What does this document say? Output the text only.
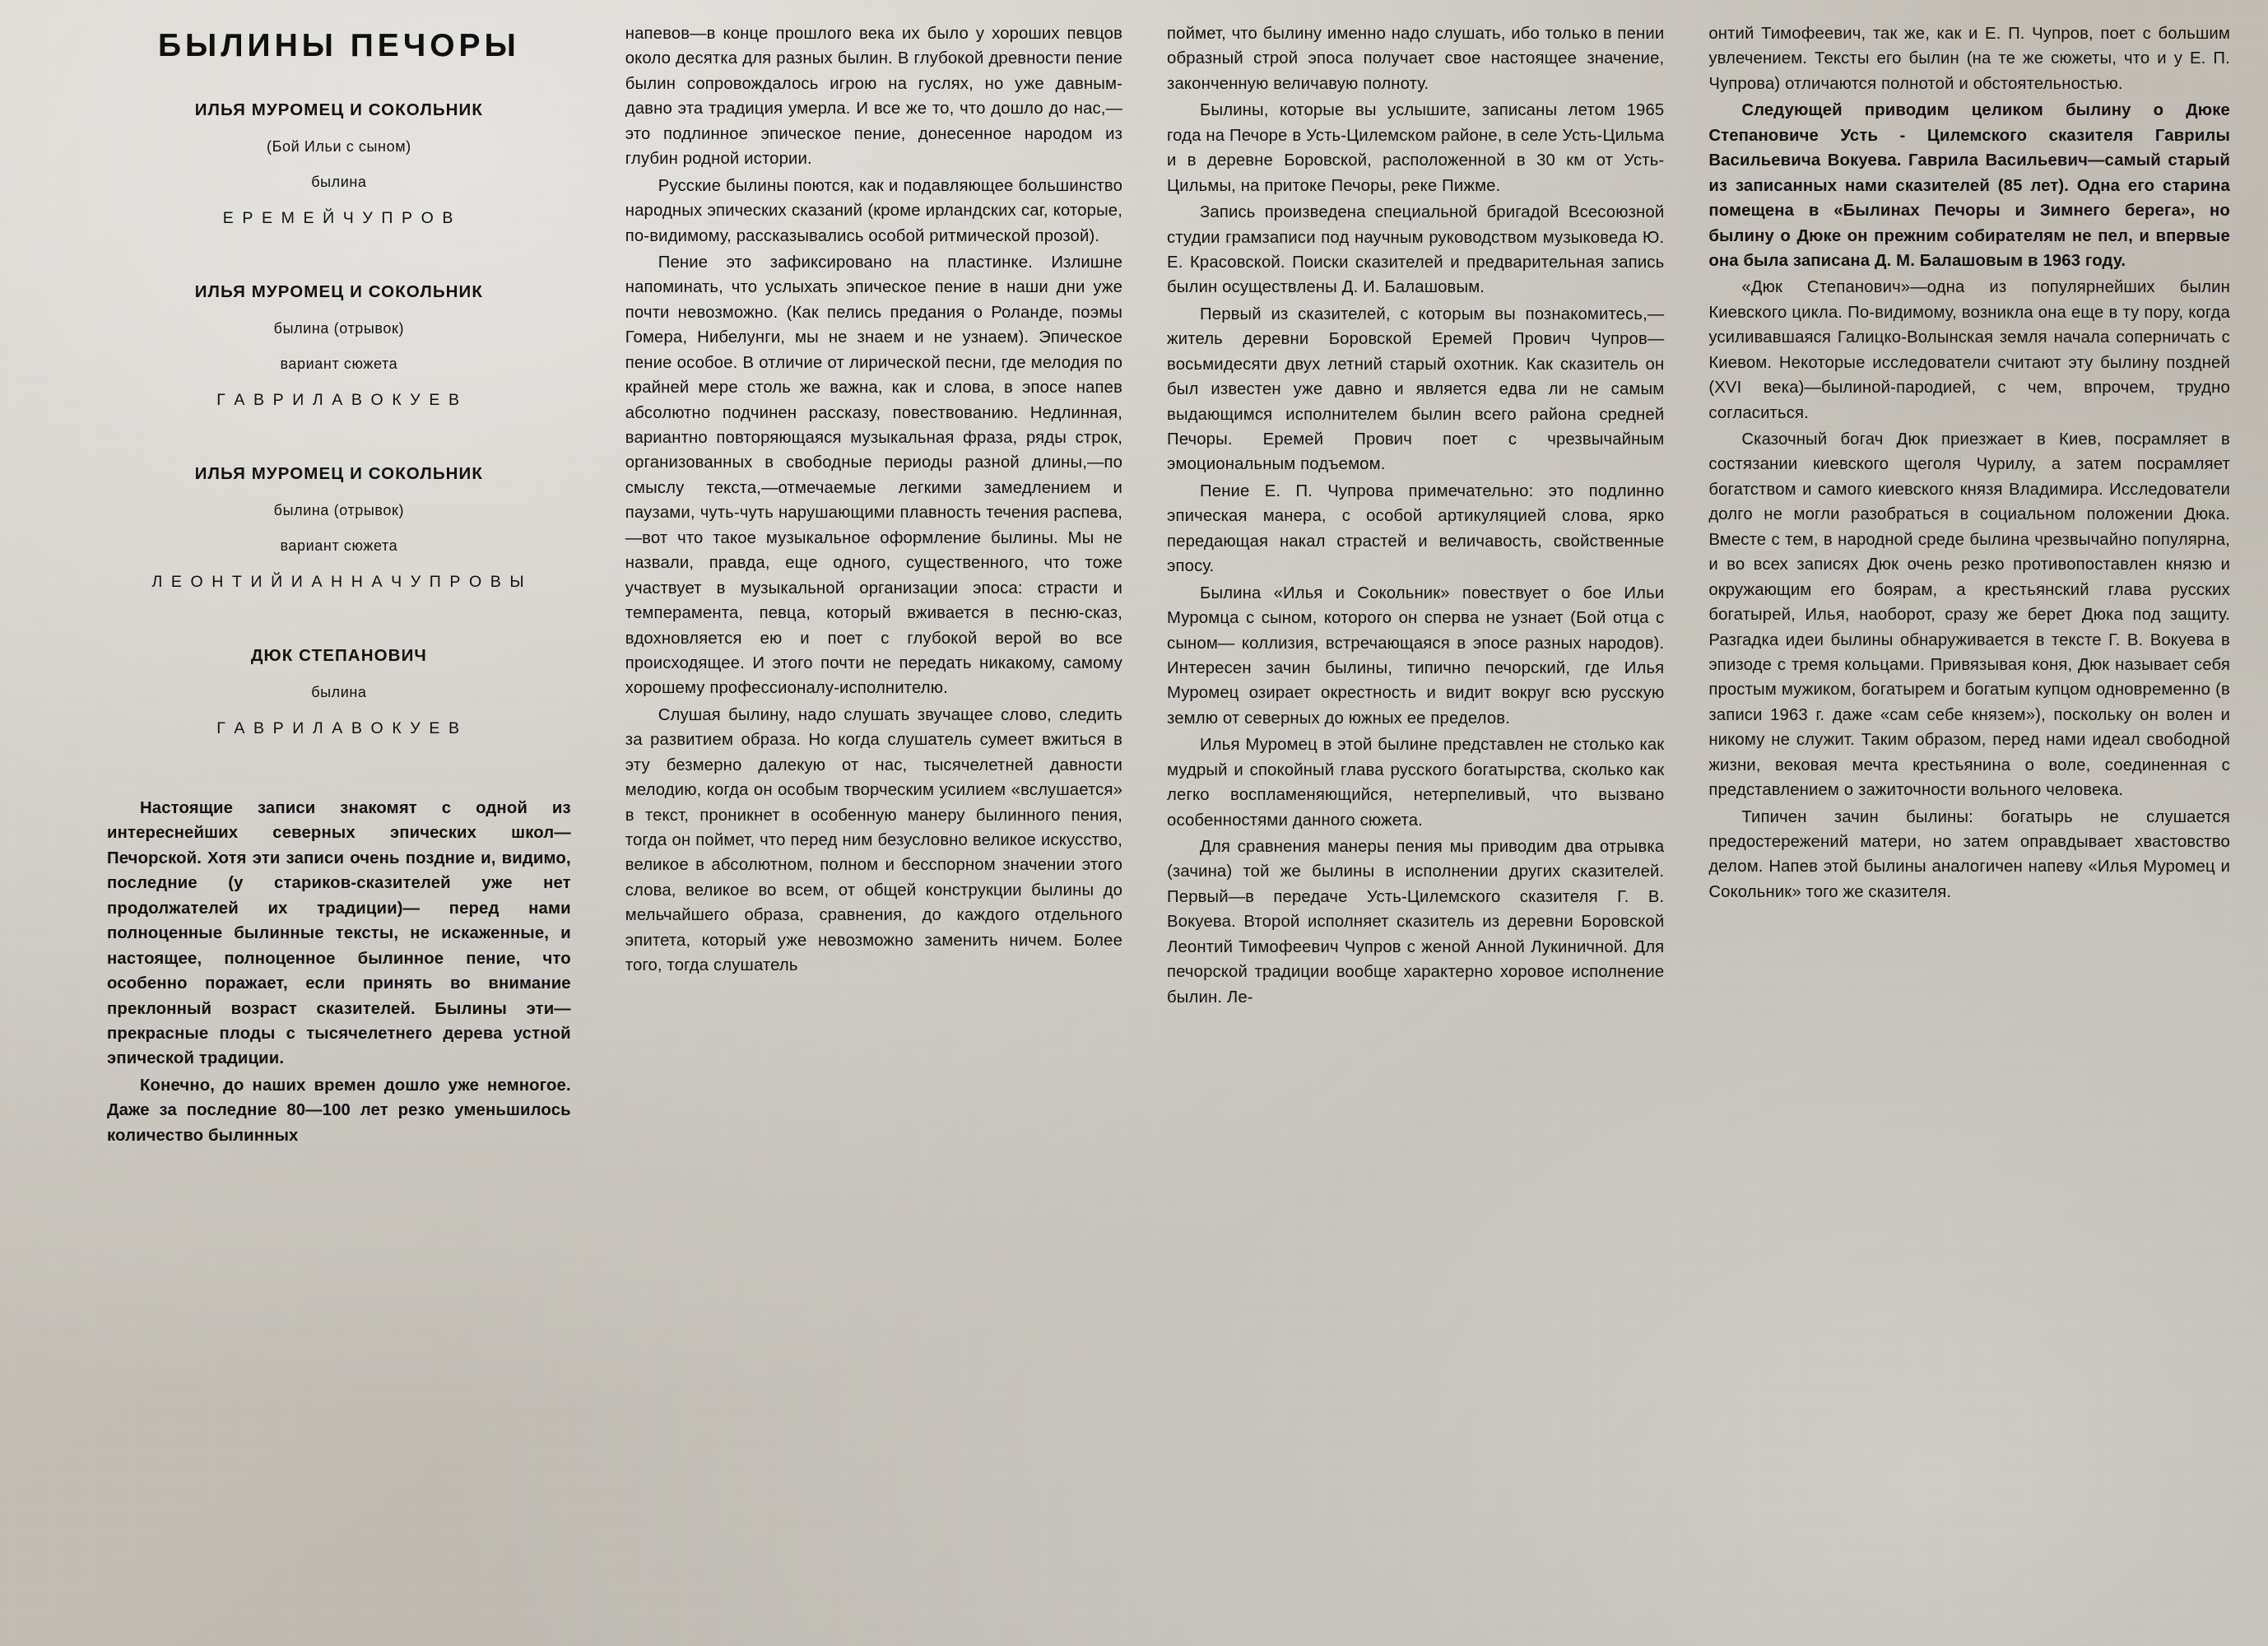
БЫЛИНЫ ПЕЧОРЫ
ИЛЬЯ МУРОМЕЦ И СОКОЛЬНИК
(Бой Ильи с сыном)
былина
Е Р Е М Е Й Ч У П Р О В
ИЛЬЯ МУРОМЕЦ И СОКОЛЬНИК
былина (отрывок)
вариант сюжета
Г А В Р И Л А В О К У Е В
ИЛЬЯ МУРОМЕЦ И СОКОЛЬНИК
былина (отрывок)
вариант сюжета
Л Е О Н Т И Й И А Н Н А Ч У П Р О В Ы
ДЮК СТЕПАНОВИЧ
былина
Г А В Р И Л А В О К У Е В

Настоящие записи знакомят с одной из интереснейших северных эпических школ—Печорской. Хотя эти записи очень поздние и, видимо, последние (у стариков-сказителей уже нет продолжателей их традиции)— перед нами полноценные былинные тексты, не искаженные, и настоящее, полноценное былинное пение, что особенно поражает, если принять во внимание преклонный возраст сказителей. Былины эти—прекрасные плоды с тысячелетнего дерева устной эпической традиции.

Конечно, до наших времен дошло уже немногое. Даже за последние 80—100 лет резко уменьшилось количество былинных

напевов—в конце прошлого века их было у хороших певцов около десятка для разных былин. В глубокой древности пение былин сопровождалось игрою на гуслях, но уже давным-давно эта традиция умерла. И все же то, что дошло до нас,—это подлинное эпическое пение, донесенное народом из глубин родной истории.

Русские былины поются, как и подавляющее большинство народных эпических сказаний (кроме ирландских саг, которые, по-видимому, рассказывались особой ритмической прозой).

Пение это зафиксировано на пластинке. Излишне напоминать, что услыхать эпическое пение в наши дни уже почти невозможно. (Как пелись предания о Роланде, поэмы Гомера, Нибелунги, мы не знаем и не узнаем). Эпическое пение особое. В отличие от лирической песни, где мелодия по крайней мере столь же важна, как и слова, в эпосе напев абсолютно подчинен рассказу, повествованию. Недлинная, вариантно повторяющаяся музыкальная фраза, ряды строк, организованных в свободные периоды разной длины,—по смыслу текста,—отмечаемые легкими замедлением и паузами, чуть-чуть нарушающими плавность течения распева,—вот что такое музыкальное оформление былины. Мы не назвали, правда, еще одного, существенного, что тоже участвует в музыкальной организации эпоса: страсти и темперамента, певца, который вживается в песню-сказ, вдохновляется ею и поет с глубокой верой во все происходящее. И этого почти не передать никакому, самому хорошему профессионалу-исполнителю.

Слушая былину, надо слушать звучащее слово, следить за развитием образа. Но когда слушатель сумеет вжиться в эту безмерно далекую от нас, тысячелетней давности мелодию, когда он особым творческим усилием «вслушается» в текст, проникнет в особенную манеру былинного пения, тогда он поймет, что перед ним безусловно великое искусство, великое в абсолютном, полном и бесспорном значении этого слова, великое во всем, от общей конструкции былины до мельчайшего образа, сравнения, до каждого отдельного эпитета, который уже невозможно заменить ничем. Более того, тогда слушатель

поймет, что былину именно надо слушать, ибо только в пении образный строй эпоса получает свое настоящее значение, законченную величавую полноту.

Былины, которые вы услышите, записаны летом 1965 года на Печоре в Усть-Цилемском районе, в селе Усть-Цильма и в деревне Боровской, расположенной в 30 км от Усть-Цильмы, на притоке Печоры, реке Пижме.

Запись произведена специальной бригадой Всесоюзной студии грамзаписи под научным руководством музыковеда Ю. Е. Красовской. Поиски сказителей и предварительная запись былин осуществлены Д. И. Балашовым.

Первый из сказителей, с которым вы познакомитесь,—житель деревни Боровской Еремей Прович Чупров—восьмидесяти двух летний старый охотник. Как сказитель он был известен уже давно и является едва ли не самым выдающимся исполнителем былин всего района средней Печоры. Еремей Прович поет с чрезвычайным эмоциональным подъемом.

Пение Е. П. Чупрова примечательно: это подлинно эпическая манера, с особой артикуляцией слова, ярко передающая накал страстей и величавость, свойственные эпосу.

Былина «Илья и Сокольник» повествует о бое Ильи Муромца с сыном, которого он сперва не узнает (Бой отца с сыном— коллизия, встречающаяся в эпосе разных народов). Интересен зачин былины, типично печорский, где Илья Муромец озирает окрестность и видит вокруг всю русскую землю от северных до южных ее пределов.

Илья Муромец в этой былине представлен не столько как мудрый и спокойный глава русского богатырства, сколько как легко воспламеняющийся, нетерпеливый, что вызвано особенностями данного сюжета.

Для сравнения манеры пения мы приводим два отрывка (зачина) той же былины в исполнении других сказителей. Первый—в передаче Усть-Цилемского сказителя Г. В. Вокуева. Второй исполняет сказитель из деревни Боровской Леонтий Тимофеевич Чупров с женой Анной Лукиничной. Для печорской традиции вообще характерно хоровое исполнение былин. Ле-

онтий Тимофеевич, так же, как и Е. П. Чупров, поет с большим увлечением. Тексты его былин (на те же сюжеты, что и у Е. П. Чупрова) отличаются полнотой и обстоятельностью.

Следующей приводим целиком былину о Дюке Степановиче Усть - Цилемского сказителя Гаврилы Васильевича Вокуева. Гаврила Васильевич—самый старый из записанных нами сказителей (85 лет). Одна его старина помещена в «Былинах Печоры и Зимнего берега», но былину о Дюке он прежним собирателям не пел, и впервые она была записана Д. М. Балашовым в 1963 году.

«Дюк Степанович»—одна из популярнейших былин Киевского цикла. По-видимому, возникла она еще в ту пору, когда усиливавшаяся Галицко-Волынская земля начала соперничать с Киевом. Некоторые исследователи считают эту былину поздней (XVI века)—былиной-пародией, с чем, впрочем, трудно согласиться.

Сказочный богач Дюк приезжает в Киев, посрамляет в состязании киевского щеголя Чурилу, а затем посрамляет богатством и самого киевского князя Владимира. Исследователи долго не могли разобраться в социальном положении Дюка. Вместе с тем, в народной среде былина чрезвычайно популярна, и во всех записях Дюк очень резко противопоставлен князю и окружающим его боярам, а крестьянский глава русских богатырей, Илья, наоборот, сразу же берет Дюка под защиту. Разгадка идеи былины обнаруживается в тексте Г. В. Вокуева в эпизоде с тремя кольцами. Привязывая коня, Дюк называет себя простым мужиком, богатырем и богатым купцом одновременно (в записи 1963 г. даже «сам себе князем»), поскольку он волен и никому не служит. Таким образом, перед нами идеал свободной жизни, вековая мечта крестьянина о воле, соединенная с представлением о зажиточности вольного человека.

Типичен зачин былины: богатырь не слушается предостережений матери, но затем оправдывает хвастовство делом. Напев этой былины аналогичен напеву «Илья Муромец и Сокольник» того же сказителя.
